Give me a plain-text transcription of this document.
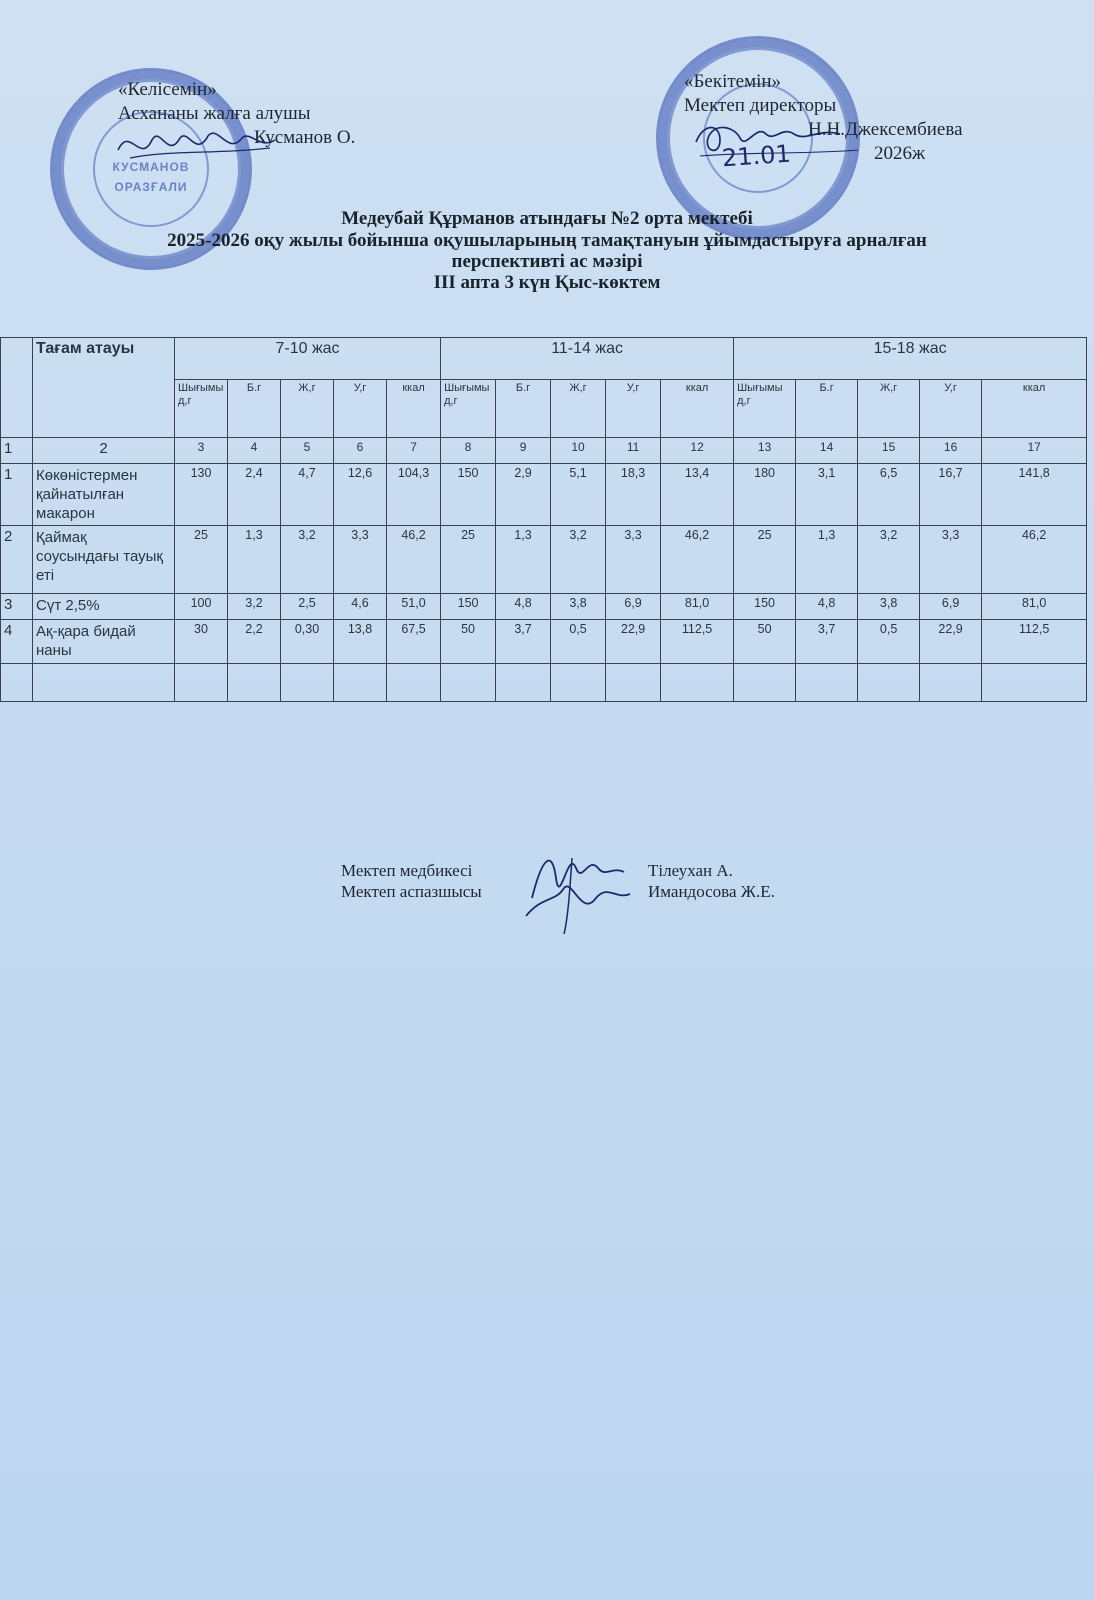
КУСМАНОВ ОРАЗҒАЛИ
«Келісемін»
Асхананы жалға алушы
Кусманов О.
«Бекітемін»
Мектеп директоры
Н.Н.Джексембиева
2026ж
21.01
Медеубай Құрманов атындағы №2 орта мектебі
2025-2026 оқу жылы бойынша оқушыларының тамақтануын ұйымдастыруға арналған
перспективті ас мәзірі
III апта 3 күн Қыс-көктем
	Тағам атауы	7-10 жас					11-14 жас					15-18 жас				
		Шығымы д,г	Б.г	Ж,г	У,г	ккал	Шығымы д,г	Б.г	Ж,г	У,г	ккал	Шығымы д,г	Б.г	Ж,г	У,г	ккал
1	2	3	4	5	6	7	8	9	10	11	12	13	14	15	16	17
1	Көкөністермен қайнатылған макарон	130	2,4	4,7	12,6	104,3	150	2,9	5,1	18,3	13,4	180	3,1	6,5	16,7	141,8
2	Қаймақ соусындағы тауық еті	25	1,3	3,2	3,3	46,2	25	1,3	3,2	3,3	46,2	25	1,3	3,2	3,3	46,2
3	Сүт 2,5%	100	3,2	2,5	4,6	51,0	150	4,8	3,8	6,9	81,0	150	4,8	3,8	6,9	81,0
4	Ақ-қара бидай наны	30	2,2	0,30	13,8	67,5	50	3,7	0,5	22,9	112,5	50	3,7	0,5	22,9	112,5

Мектеп медбикесі
Мектеп аспазшысы
Тілеухан А.
Имандосова Ж.Е.
